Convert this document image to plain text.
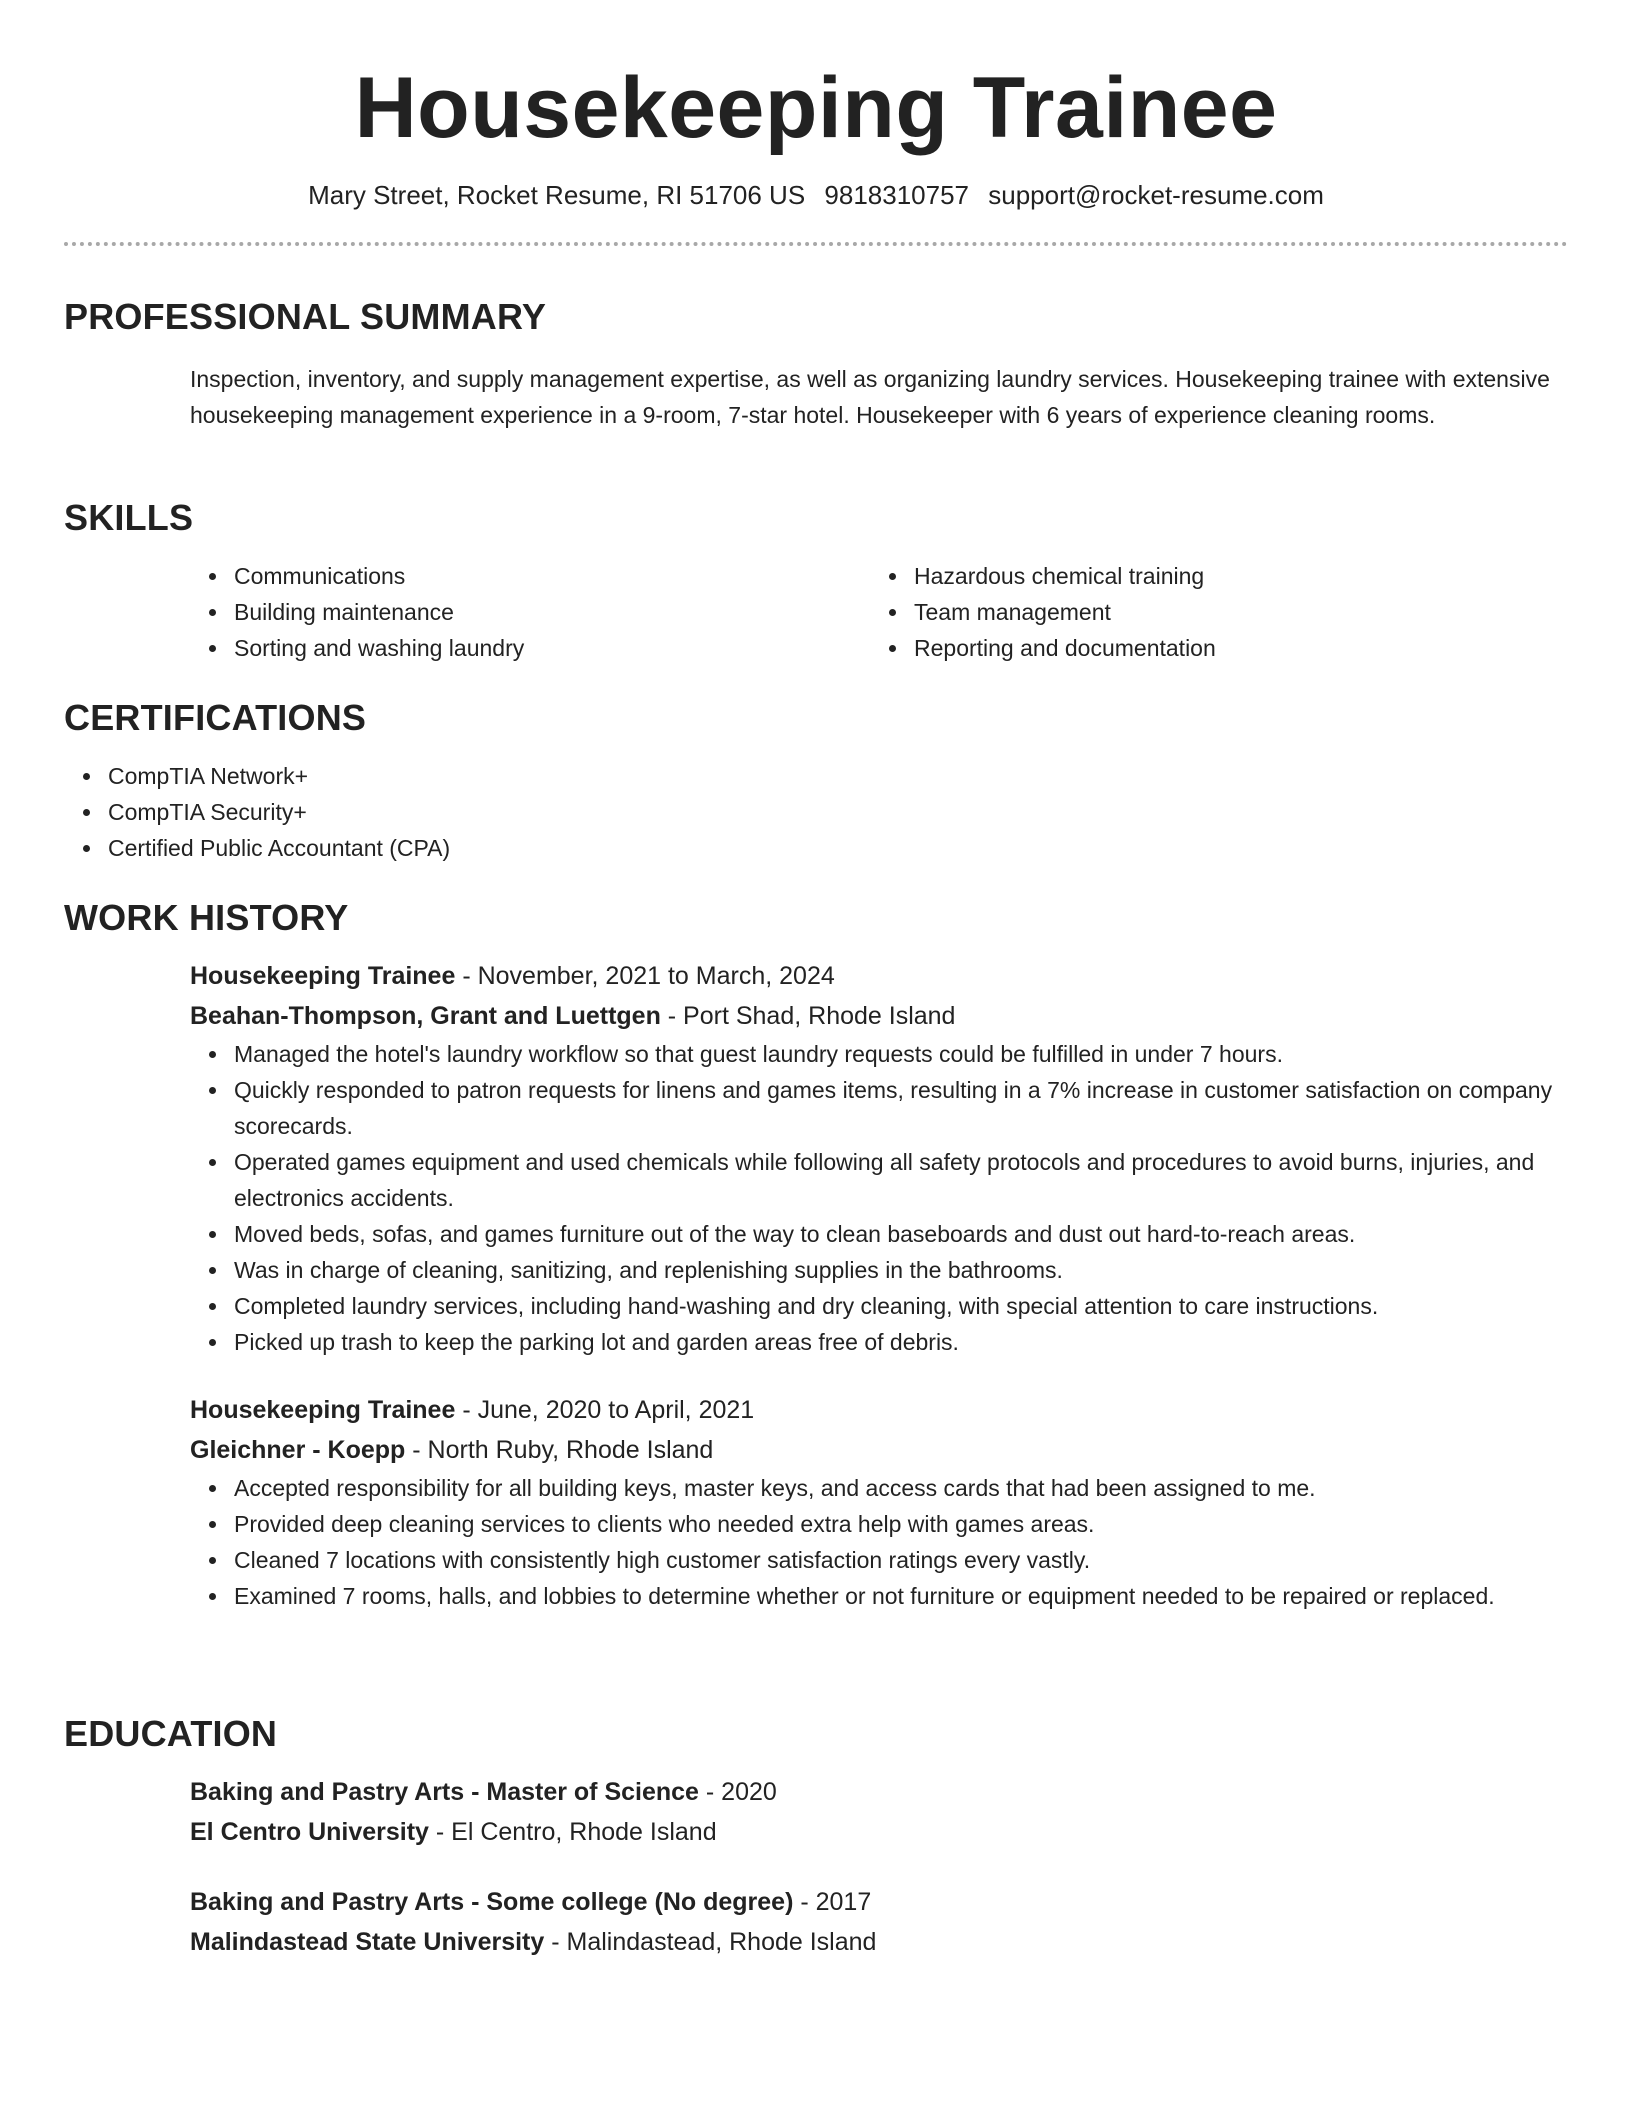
Housekeeping Trainee
Mary Street, Rocket Resume, RI 51706 US 9818310757 support@rocket-resume.com
PROFESSIONAL SUMMARY
Inspection, inventory, and supply management expertise, as well as organizing laundry services. Housekeeping trainee with extensive housekeeping management experience in a 9-room, 7-star hotel. Housekeeper with 6 years of experience cleaning rooms.
SKILLS
Communications
Building maintenance
Sorting and washing laundry
Hazardous chemical training
Team management
Reporting and documentation
CERTIFICATIONS
CompTIA Network+
CompTIA Security+
Certified Public Accountant (CPA)
WORK HISTORY
Housekeeping Trainee - November, 2021 to March, 2024
Beahan-Thompson, Grant and Luettgen - Port Shad, Rhode Island
Managed the hotel's laundry workflow so that guest laundry requests could be fulfilled in under 7 hours.
Quickly responded to patron requests for linens and games items, resulting in a 7% increase in customer satisfaction on company scorecards.
Operated games equipment and used chemicals while following all safety protocols and procedures to avoid burns, injuries, and electronics accidents.
Moved beds, sofas, and games furniture out of the way to clean baseboards and dust out hard-to-reach areas.
Was in charge of cleaning, sanitizing, and replenishing supplies in the bathrooms.
Completed laundry services, including hand-washing and dry cleaning, with special attention to care instructions.
Picked up trash to keep the parking lot and garden areas free of debris.
Housekeeping Trainee - June, 2020 to April, 2021
Gleichner - Koepp - North Ruby, Rhode Island
Accepted responsibility for all building keys, master keys, and access cards that had been assigned to me.
Provided deep cleaning services to clients who needed extra help with games areas.
Cleaned 7 locations with consistently high customer satisfaction ratings every vastly.
Examined 7 rooms, halls, and lobbies to determine whether or not furniture or equipment needed to be repaired or replaced.
EDUCATION
Baking and Pastry Arts - Master of Science - 2020
El Centro University - El Centro, Rhode Island
Baking and Pastry Arts - Some college (No degree) - 2017
Malindastead State University - Malindastead, Rhode Island
